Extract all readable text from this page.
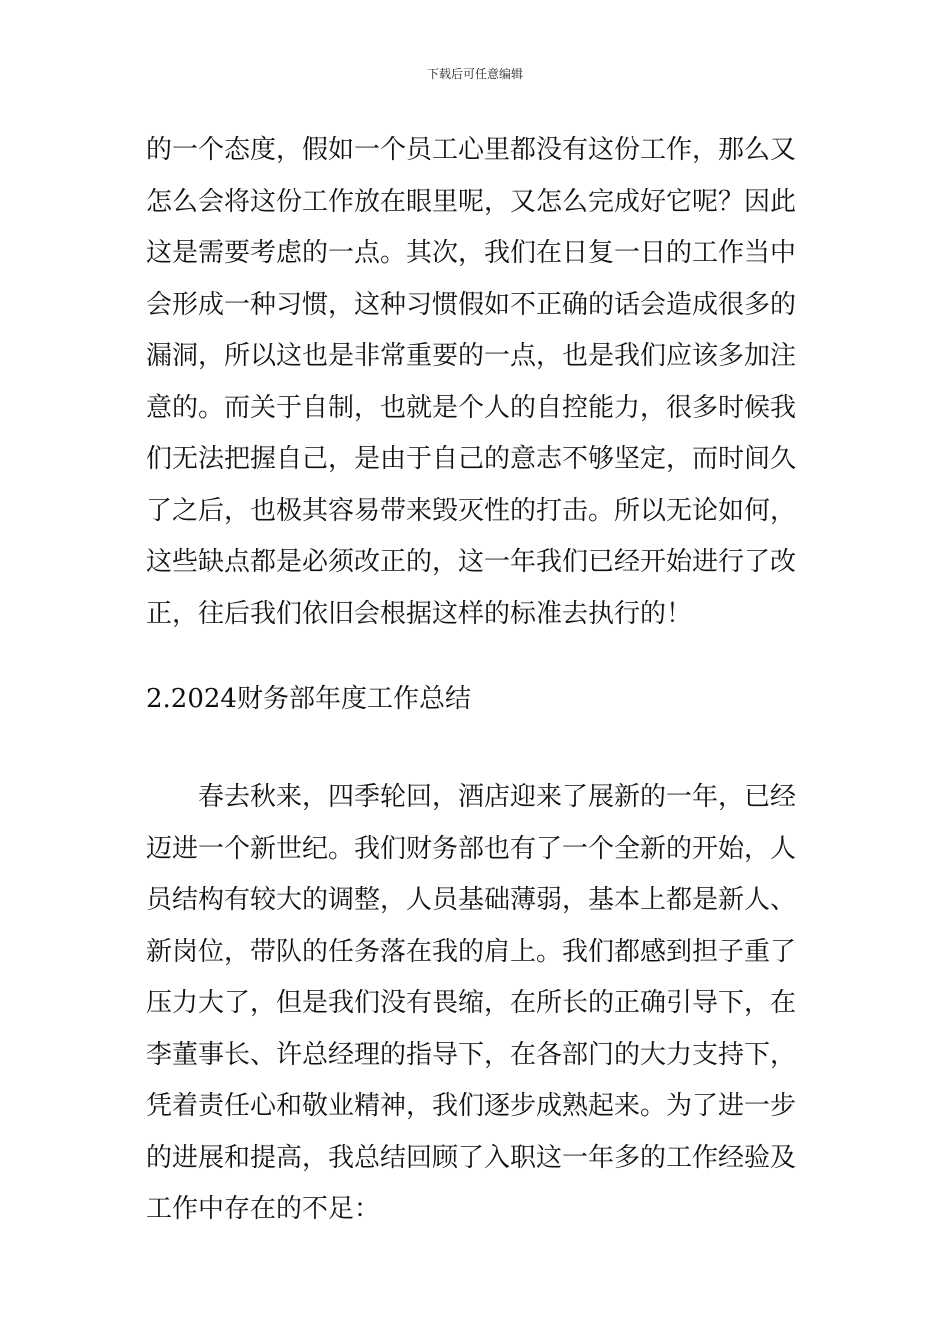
下载后可任意编辑
的一个态度，假如一个员工心里都没有这份工作，那么又
怎么会将这份工作放在眼里呢，又怎么完成好它呢？因此
这是需要考虑的一点。其次，我们在日复一日的工作当中
会形成一种习惯，这种习惯假如不正确的话会造成很多的
漏洞，所以这也是非常重要的一点，也是我们应该多加注
意的。而关于自制，也就是个人的自控能力，很多时候我
们无法把握自己，是由于自己的意志不够坚定，而时间久
了之后，也极其容易带来毁灭性的打击。所以无论如何，
这些缺点都是必须改正的，这一年我们已经开始进行了改
正，往后我们依旧会根据这样的标准去执行的！
2.2024财务部年度工作总结
春去秋来，四季轮回，酒店迎来了展新的一年，已经
迈进一个新世纪。我们财务部也有了一个全新的开始，人
员结构有较大的调整，人员基础薄弱，基本上都是新人、
新岗位，带队的任务落在我的肩上。我们都感到担子重了
压力大了，但是我们没有畏缩，在所长的正确引导下，在
李董事长、许总经理的指导下，在各部门的大力支持下，
凭着责任心和敬业精神，我们逐步成熟起来。为了进一步
的进展和提高，我总结回顾了入职这一年多的工作经验及
工作中存在的不足：
